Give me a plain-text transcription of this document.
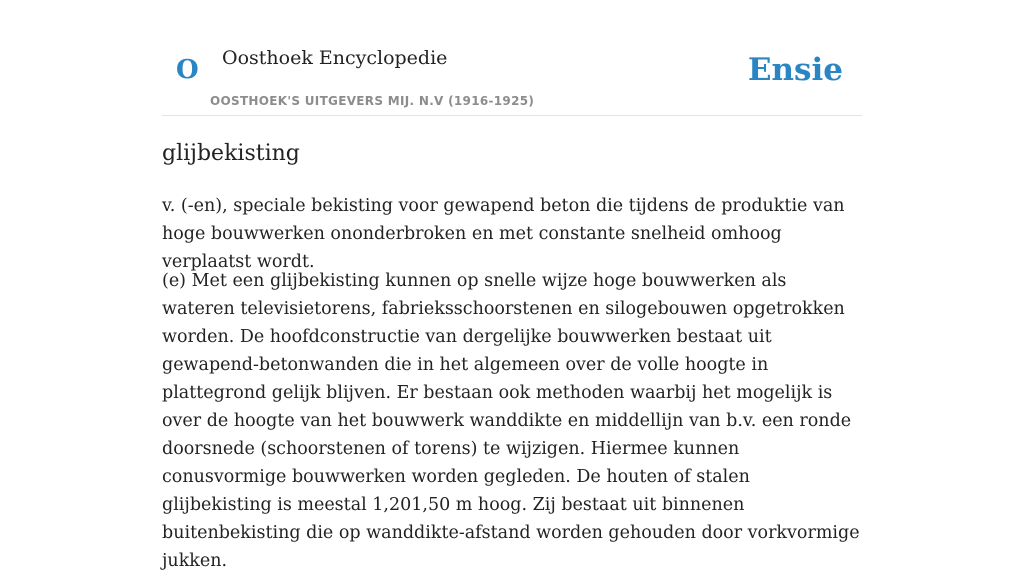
O Oosthoek Encyclopedie
OOSTHOEK'S UITGEVERS MIJ. N.V (1916-1925)
Ensie
glijbekisting

v. (-en), speciale bekisting voor gewapend beton die tijdens de produktie van hoge bouwwerken ononderbroken en met constante snelheid omhoog verplaatst wordt.

(e) Met een glijbekisting kunnen op snelle wijze hoge bouwwerken als wateren televisietorens, fabrieksschoorstenen en silogebouwen opgetrokken worden. De hoofdconstructie van dergelijke bouwwerken bestaat uit gewapend-betonwanden die in het algemeen over de volle hoogte in plattegrond gelijk blijven. Er bestaan ook methoden waarbij het mogelijk is over de hoogte van het bouwwerk wanddikte en middellijn van b.v. een ronde doorsnede (schoorstenen of torens) te wijzigen. Hiermee kunnen conusvormige bouwwerken worden gegleden. De houten of stalen glijbekisting is meestal 1,201,50 m hoog. Zij bestaat uit binnenen buitenbekisting die op wanddikte-afstand worden gehouden door vorkvormige jukken.
